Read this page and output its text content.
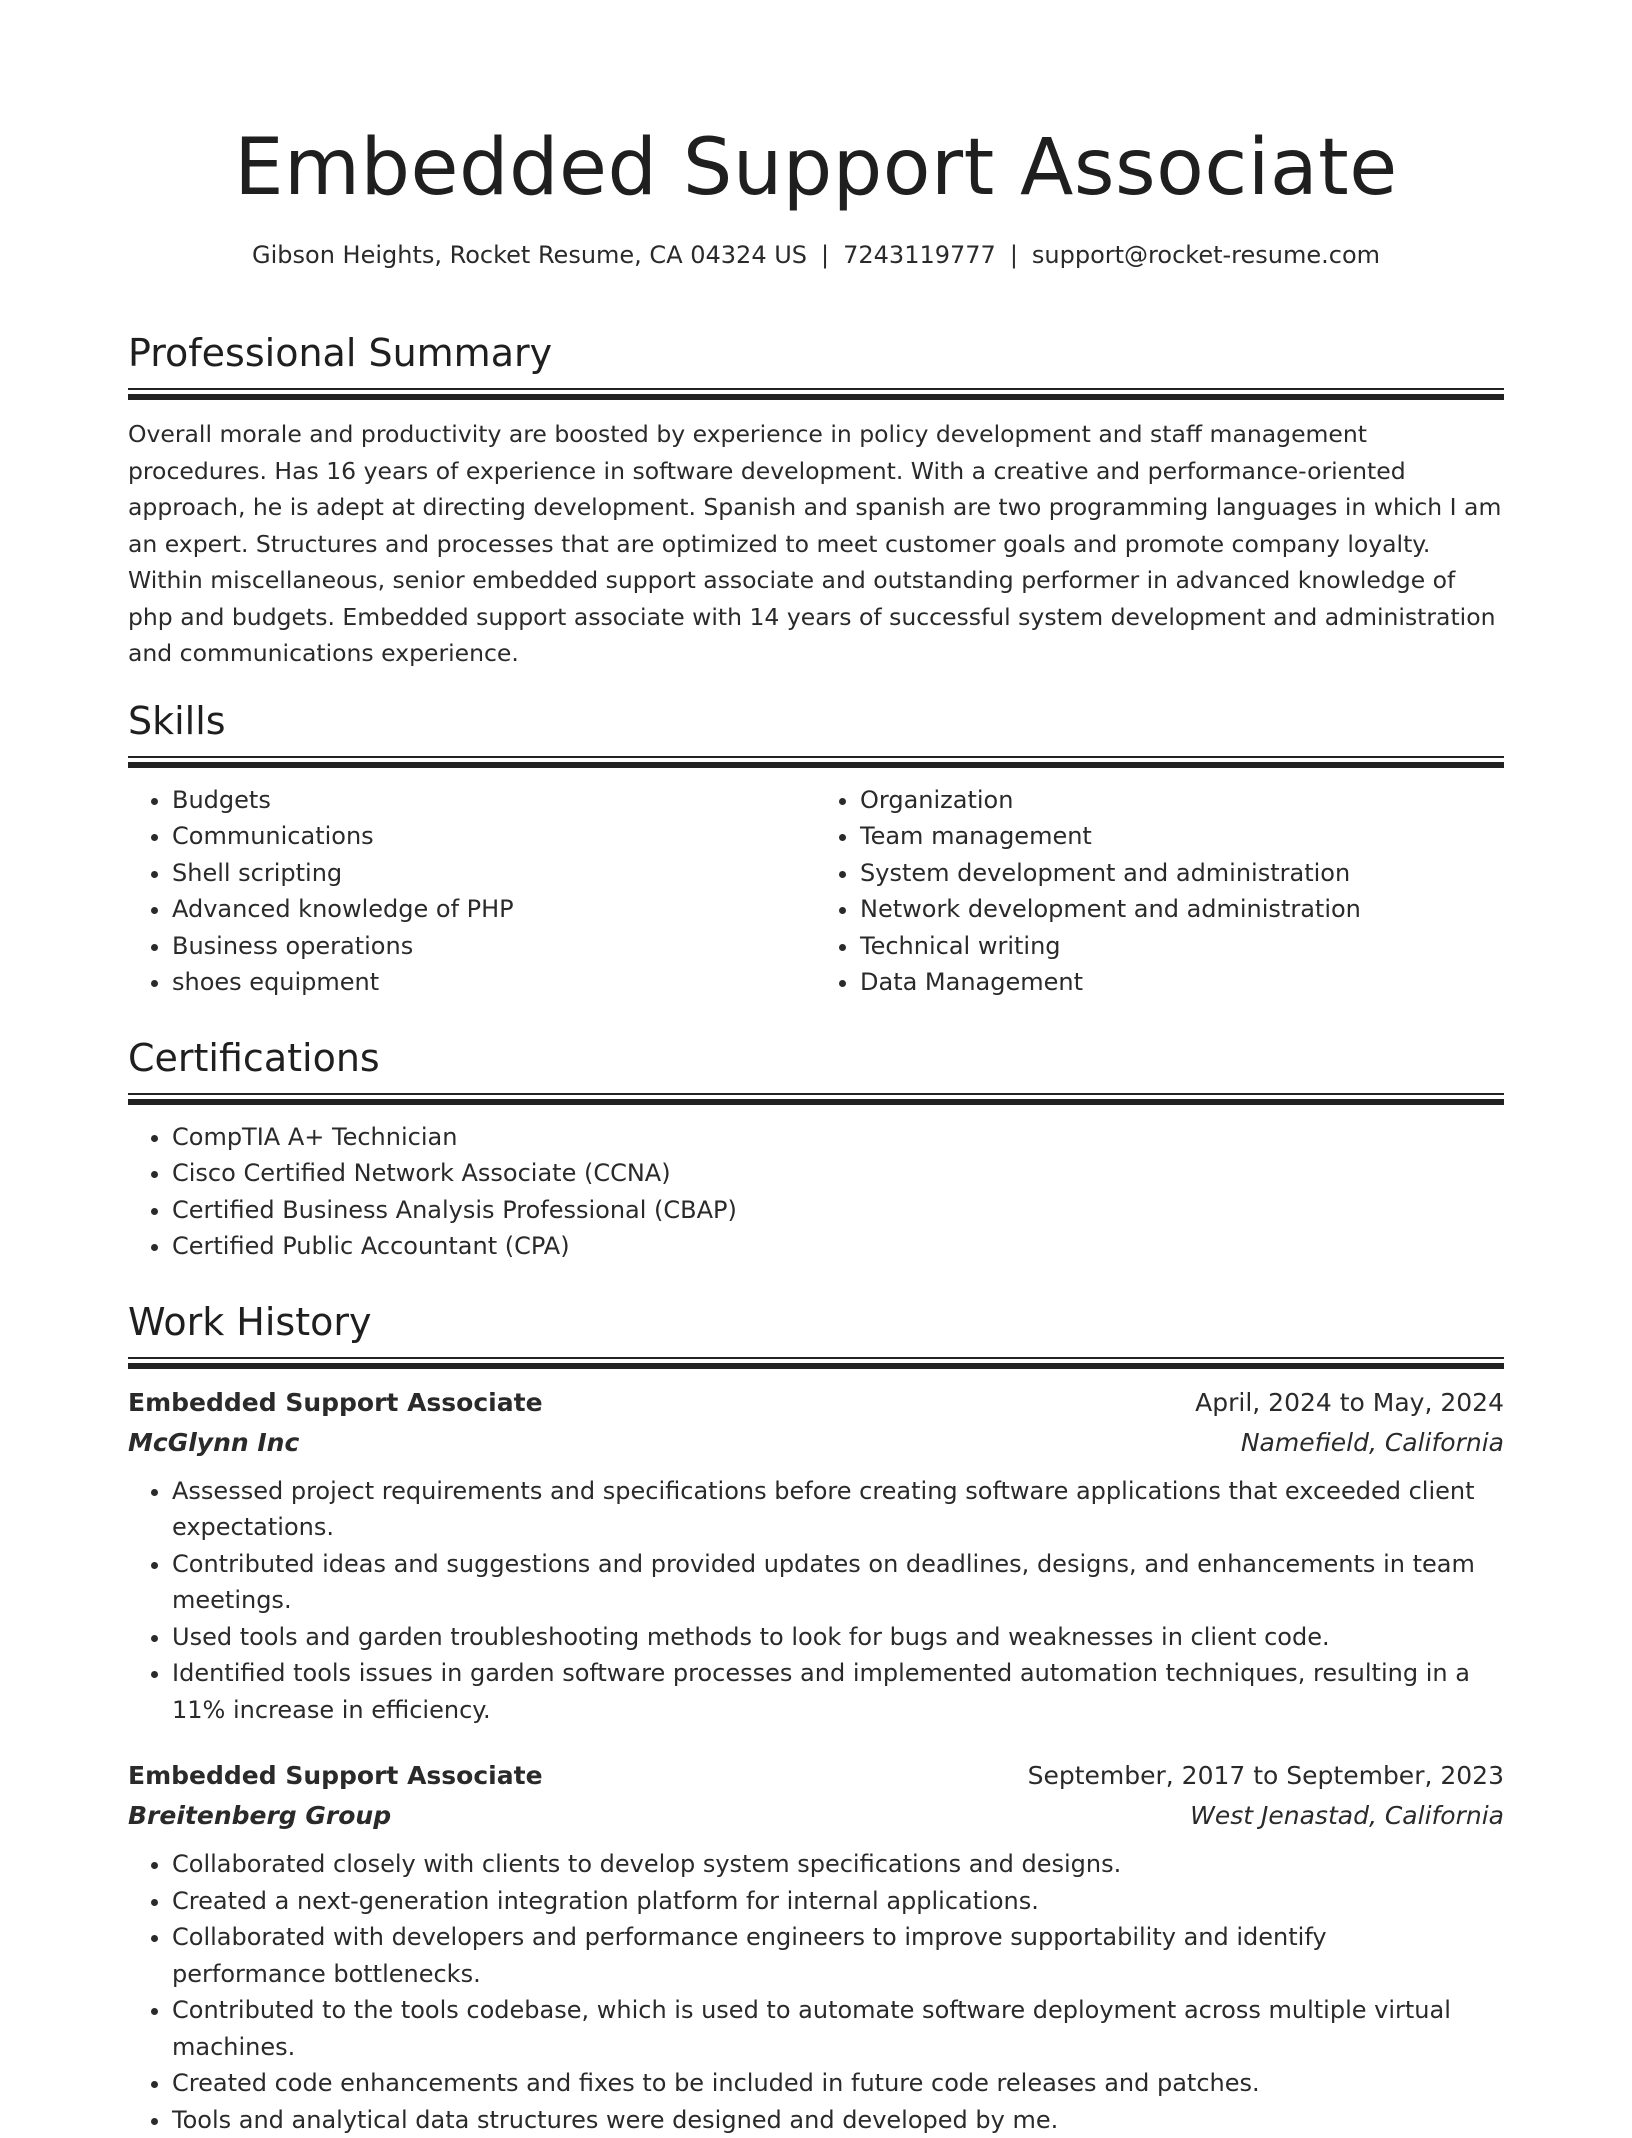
Embedded Support Associate
Gibson Heights, Rocket Resume, CA 04324 US | 7243119777 | support@rocket-resume.com
Professional Summary

Overall morale and productivity are boosted by experience in policy development and staff management procedures. Has 16 years of experience in software development. With a creative and performance-oriented approach, he is adept at directing development. Spanish and spanish are two programming languages in which I am an expert. Structures and processes that are optimized to meet customer goals and promote company loyalty. Within miscellaneous, senior embedded support associate and outstanding performer in advanced knowledge of php and budgets. Embedded support associate with 14 years of successful system development and administration and communications experience.

Skills
• Budgets
• Communications
• Shell scripting
• Advanced knowledge of PHP
• Business operations
• shoes equipment
• Organization
• Team management
• System development and administration
• Network development and administration
• Technical writing
• Data Management
Certifications
• CompTIA A+ Technician
• Cisco Certified Network Associate (CCNA)
• Certified Business Analysis Professional (CBAP)
• Certified Public Accountant (CPA)
Work History
Embedded Support Associate	April, 2024 to May, 2024
McGlynn Inc	Namefield, California
• Assessed project requirements and specifications before creating software applications that exceeded client expectations.
• Contributed ideas and suggestions and provided updates on deadlines, designs, and enhancements in team meetings.
• Used tools and garden troubleshooting methods to look for bugs and weaknesses in client code.
• Identified tools issues in garden software processes and implemented automation techniques, resulting in a 11% increase in efficiency.
Embedded Support Associate	September, 2017 to September, 2023
Breitenberg Group	West Jenastad, California
• Collaborated closely with clients to develop system specifications and designs.
• Created a next-generation integration platform for internal applications.
• Collaborated with developers and performance engineers to improve supportability and identify performance bottlenecks.
• Contributed to the tools codebase, which is used to automate software deployment across multiple virtual machines.
• Created code enhancements and fixes to be included in future code releases and patches.
• Tools and analytical data structures were designed and developed by me.
